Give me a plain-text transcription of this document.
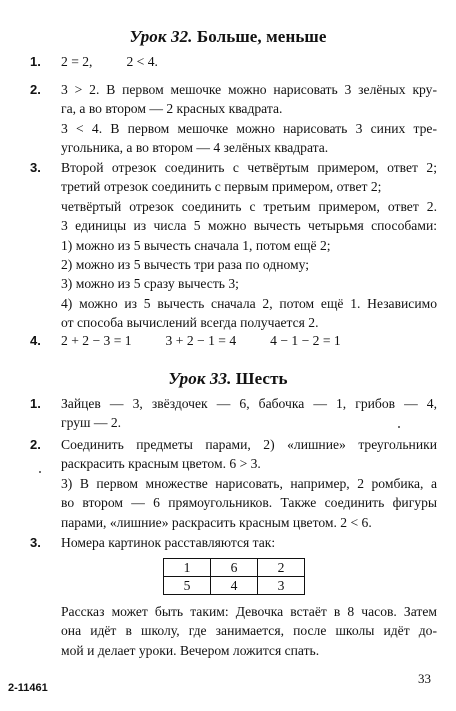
Урок 32. Больше, меньше
1. 2 = 2,          2 < 4.
2. 3 > 2. В первом мешочке можно нарисовать 3 зелёных кру-
га, а во втором — 2 красных квадрата.
3 < 4. В первом мешочке можно нарисовать 3 синих тре-
угольника, а во втором — 4 зелёных квадрата.
3. Второй отрезок соединить с четвёртым примером, ответ 2;
третий отрезок соединить с первым примером, ответ 2;
четвёртый отрезок соединить с третьим примером, ответ 2.
3 единицы из числа 5 можно вычесть четырьмя способами:
1) можно из 5 вычесть сначала 1, потом ещё 2;
2) можно из 5 вычесть три раза по одному;
3) можно из 5 сразу вычесть 3;
4) можно из 5 вычесть сначала 2, потом ещё 1. Независимо
от способа вычислений всегда получается 2.
4. 2 + 2 − 3 = 1          3 + 2 − 1 = 4          4 − 1 − 2 = 1
Урок 33. Шесть
1. Зайцев — 3, звёздочек — 6, бабочка — 1, грибов — 4,
груш — 2.
2. Соединить предметы парами, 2) «лишние» треугольники
раскрасить красным цветом. 6 > 3.
3) В первом множестве нарисовать, например, 2 ромбика, а
во втором — 6 прямоугольников. Также соединить фигуры
парами, «лишние» раскрасить красным цветом. 2 < 6.
3. Номера картинок расставляются так:
1	6	2
5	4	3
Рассказ может быть таким: Девочка встаёт в 8 часов. Затем
она идёт в школу, где занимается, после школы идёт до-
мой и делает уроки. Вечером ложится спать.
2-11461
33
